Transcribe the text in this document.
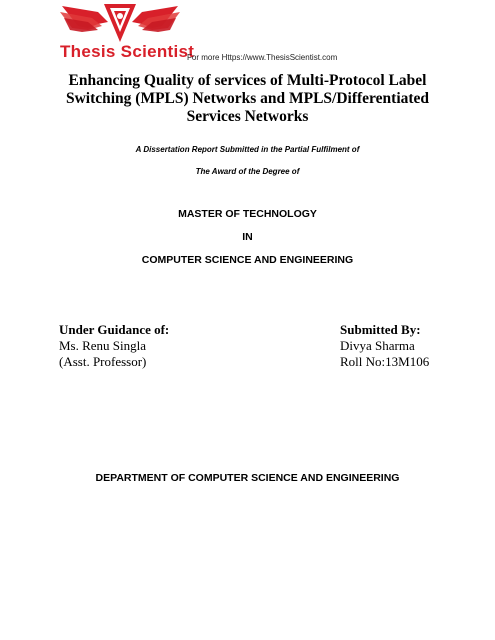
Thesis Scientist
For more Https://www.ThesisScientist.com
Enhancing Quality of services of Multi-Protocol Label
Switching (MPLS) Networks and MPLS/Differentiated
Services Networks
A Dissertation Report Submitted in the Partial Fulfilment of
The Award of the Degree of
MASTER OF TECHNOLOGY
IN
COMPUTER SCIENCE AND ENGINEERING
Under Guidance of:
Ms. Renu Singla
(Asst. Professor)
Submitted By:
Divya Sharma
Roll No:13M106
DEPARTMENT OF COMPUTER SCIENCE AND ENGINEERING
